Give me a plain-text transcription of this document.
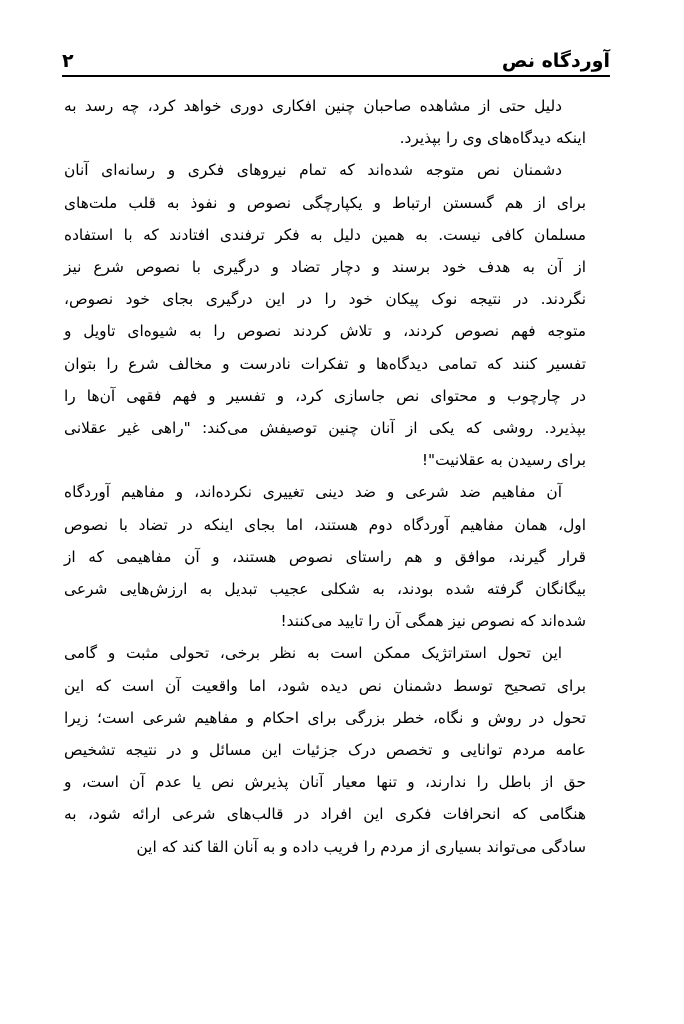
آوردگاه نص
۲
دلیل حتی از مشاهده صاحبان چنین افکاری دوری خواهد کرد، چه رسد به
اینکه دیدگاه‌های وی را بپذیرد.
دشمنان نص متوجه شده‌اند که تمام نیروهای فکری و رسانه‌ای آنان
برای از هم گسستن ارتباط و یکپارچگی نصوص و نفوذ به قلب ملت‌های
مسلمان کافی نیست. به همین دلیل به فکر ترفندی افتادند که با استفاده
از آن به هدف خود برسند و دچار تضاد و درگیری با نصوص شرع نیز
نگردند. در نتیجه نوک پیکان خود را در این درگیری بجای خود نصوص،
متوجه فهم نصوص کردند، و تلاش کردند نصوص را به شیوه‌ای تاویل و
تفسیر کنند که تمامی دیدگاه‌ها و تفکرات نادرست و مخالف شرع را بتوان
در چارچوب و محتوای نص جاسازی کرد، و تفسیر و فهم فقهی آن‌ها را
بپذیرد. روشی که یکی از آنان چنین توصیفش می‌کند: "راهی غیر عقلانی
برای رسیدن به عقلانیت"!
آن مفاهیم ضد شرعی و ضد دینی تغییری نکرده‌اند، و مفاهیم آوردگاه
اول، همان مفاهیم آوردگاه دوم هستند، اما بجای اینکه در تضاد با نصوص
قرار گیرند، موافق و هم راستای نصوص هستند، و آن مفاهیمی که از
بیگانگان گرفته شده بودند، به شکلی عجیب تبدیل به ارزش‌هایی شرعی
شده‌اند که نصوص نیز همگی آن را تایید می‌کنند!
این تحول استراتژیک ممکن است به نظر برخی، تحولی مثبت و گامی
برای تصحیح توسط دشمنان نص دیده شود، اما واقعیت آن است که این
تحول در روش و نگاه، خطر بزرگی برای احکام و مفاهیم شرعی است؛ زیرا
عامه مردم توانایی و تخصص درک جزئیات این مسائل و در نتیجه تشخیص
حق از باطل را ندارند، و تنها معیار آنان پذیرش نص یا عدم آن است، و
هنگامی که انحرافات فکری این افراد در قالب‌های شرعی ارائه شود، به
سادگی می‌تواند بسیاری از مردم را فریب داده و به آنان القا کند که این
